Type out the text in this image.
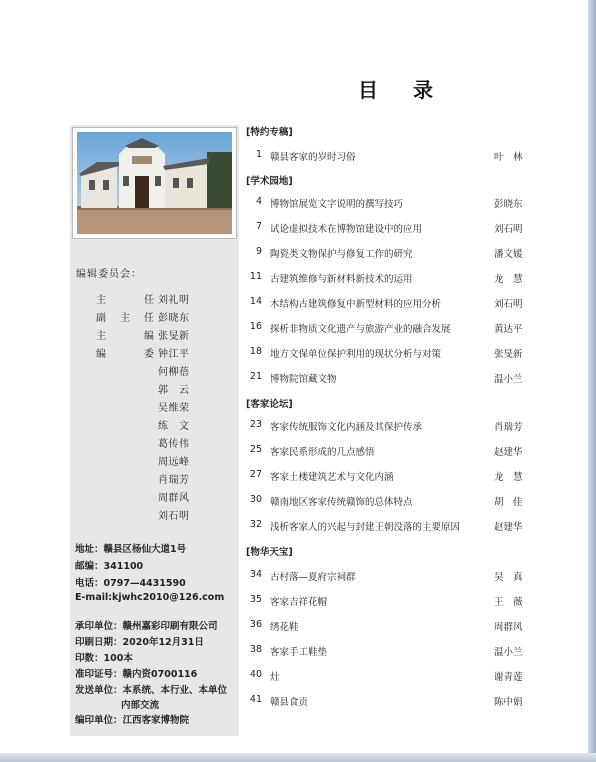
目 录
编辑委员会：
主	任 刘礼明
副 主 任 彭晓东
主	编 张旻新
编	委 钟江平
何柳蓓
郭　云
吴维荣
练　文
葛传伟
周远峰
肖瑞芳
周群风
刘石明
地址：赣县区杨仙大道1号
邮编：341100
电话：0797—4431590
E-mail:kjwhc2010@126.com
承印单位：赣州嘉彩印刷有限公司
印刷日期：2020年12月31日
印数：100本
准印证号：赣内资0700116
发送单位：本系统、本行业、本单位
内部交流
编印单位：江西客家博物院
[特约专稿]
1 赣县客家的岁时习俗	叶　林
[学术园地]
4 博物馆展览文字说明的撰写技巧	彭晓东
7 试论虚拟技术在博物馆建设中的应用	刘石明
9 陶瓷类文物保护与修复工作的研究	潘文媛
11 古建筑维修与新材料新技术的运用	龙　慧
14 木结构古建筑修复中新型材料的应用分析	刘石明
16 探析非物质文化遗产与旅游产业的融合发展	黄达平
18 地方文保单位保护利用的现状分析与对策	张旻新
21 博物院馆藏文物	温小兰
[客家论坛]
23 客家传统服饰文化内涵及其保护传承	肖瑞芳
25 客家民系形成的几点感悟	赵建华
27 客家土楼建筑艺术与文化内涵	龙　慧
30 赣南地区客家传统赣饰的总体特点	胡　佳
32 浅析客家人的兴起与封建王朝没落的主要原因	赵建华
[物华天宝]
34 古村落—夏府宗祠群	吴　真
35 客家吉祥花帽	王　薇
36 绣花鞋	周群风
38 客家手工鞋垫	温小兰
40 灶	谢青莲
41 赣县食贡	陈中娟
